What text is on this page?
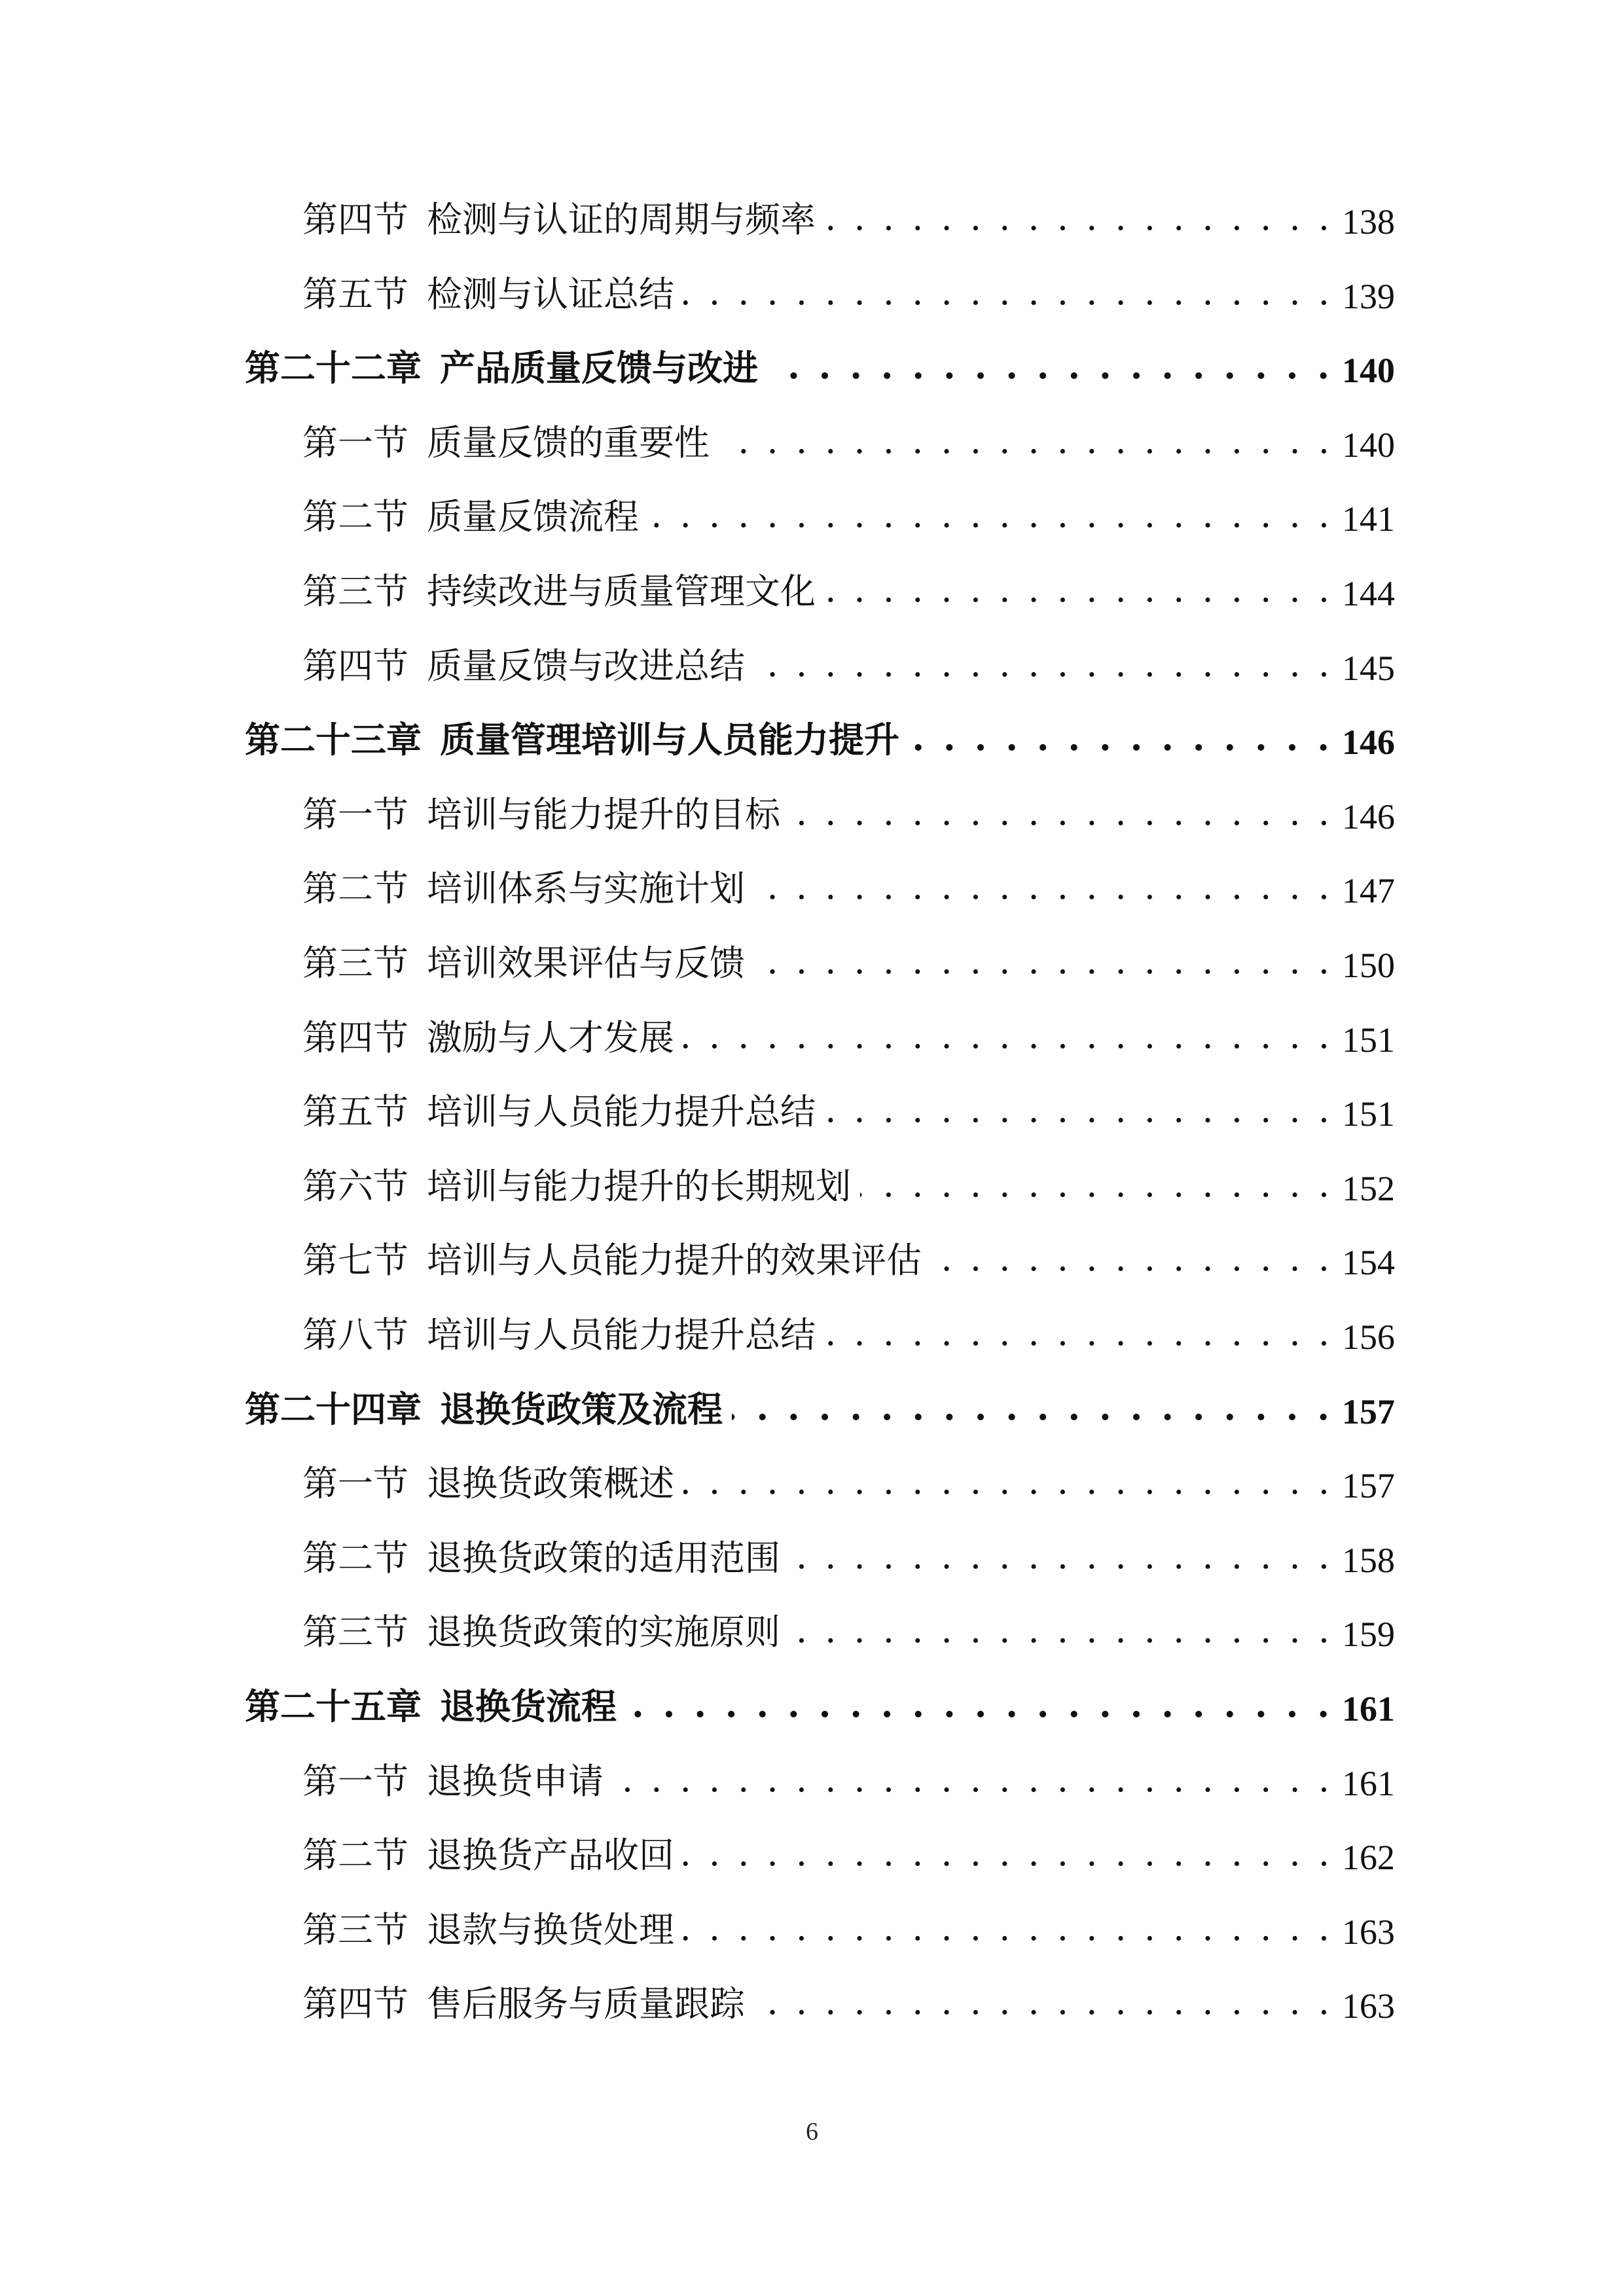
第四节 检测与认证的周期与频率 . . .	138
第五节 检测与认证总结 . . .	139
第二十二章 产品质量反馈与改进 . . .	140
第一节 质量反馈的重要性 . . .	140
第二节 质量反馈流程 . . .	141
第三节 持续改进与质量管理文化 . . .	144
第四节 质量反馈与改进总结 . . .	145
第二十三章 质量管理培训与人员能力提升 . . .	146
第一节 培训与能力提升的目标 . . .	146
第二节 培训体系与实施计划 . . .	147
第三节 培训效果评估与反馈 . . .	150
第四节 激励与人才发展 . . .	151
第五节 培训与人员能力提升总结 . . .	151
第六节 培训与能力提升的长期规划 . . .	152
第七节 培训与人员能力提升的效果评估 . . .	154
第八节 培训与人员能力提升总结 . . .	156
第二十四章 退换货政策及流程 . . .	157
第一节 退换货政策概述 . . .	157
第二节 退换货政策的适用范围 . . .	158
第三节 退换货政策的实施原则 . . .	159
第二十五章 退换货流程 . . .	161
第一节 退换货申请 . . .	161
第二节 退换货产品收回 . . .	162
第三节 退款与换货处理 . . .	163
第四节 售后服务与质量跟踪 . . .	163
6
